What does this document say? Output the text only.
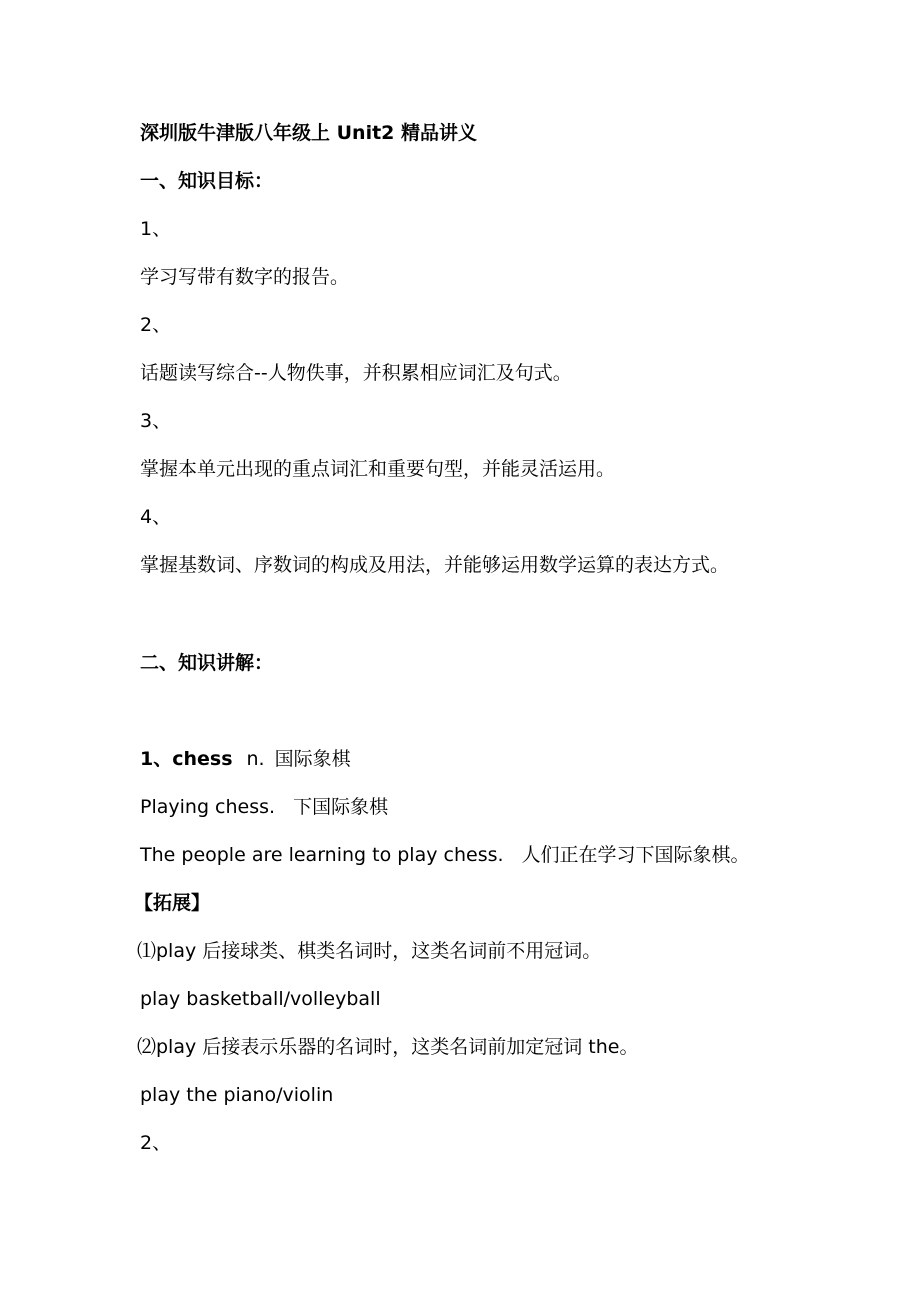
深圳版牛津版八年级上 Unit2 精品讲义
一、知识目标：
1、
学习写带有数字的报告。
2、
话题读写综合--人物佚事，并积累相应词汇及句式。
3、
掌握本单元出现的重点词汇和重要句型，并能灵活运用。
4、
掌握基数词、序数词的构成及用法，并能够运用数学运算的表达方式。
二、知识讲解：
1、chess n. 国际象棋
Playing chess. 下国际象棋
The people are learning to play chess. 人们正在学习下国际象棋。
【拓展】
⑴play 后接球类、棋类名词时，这类名词前不用冠词。
play basketball/volleyball
⑵play 后接表示乐器的名词时，这类名词前加定冠词 the。
play the piano/violin
2、
